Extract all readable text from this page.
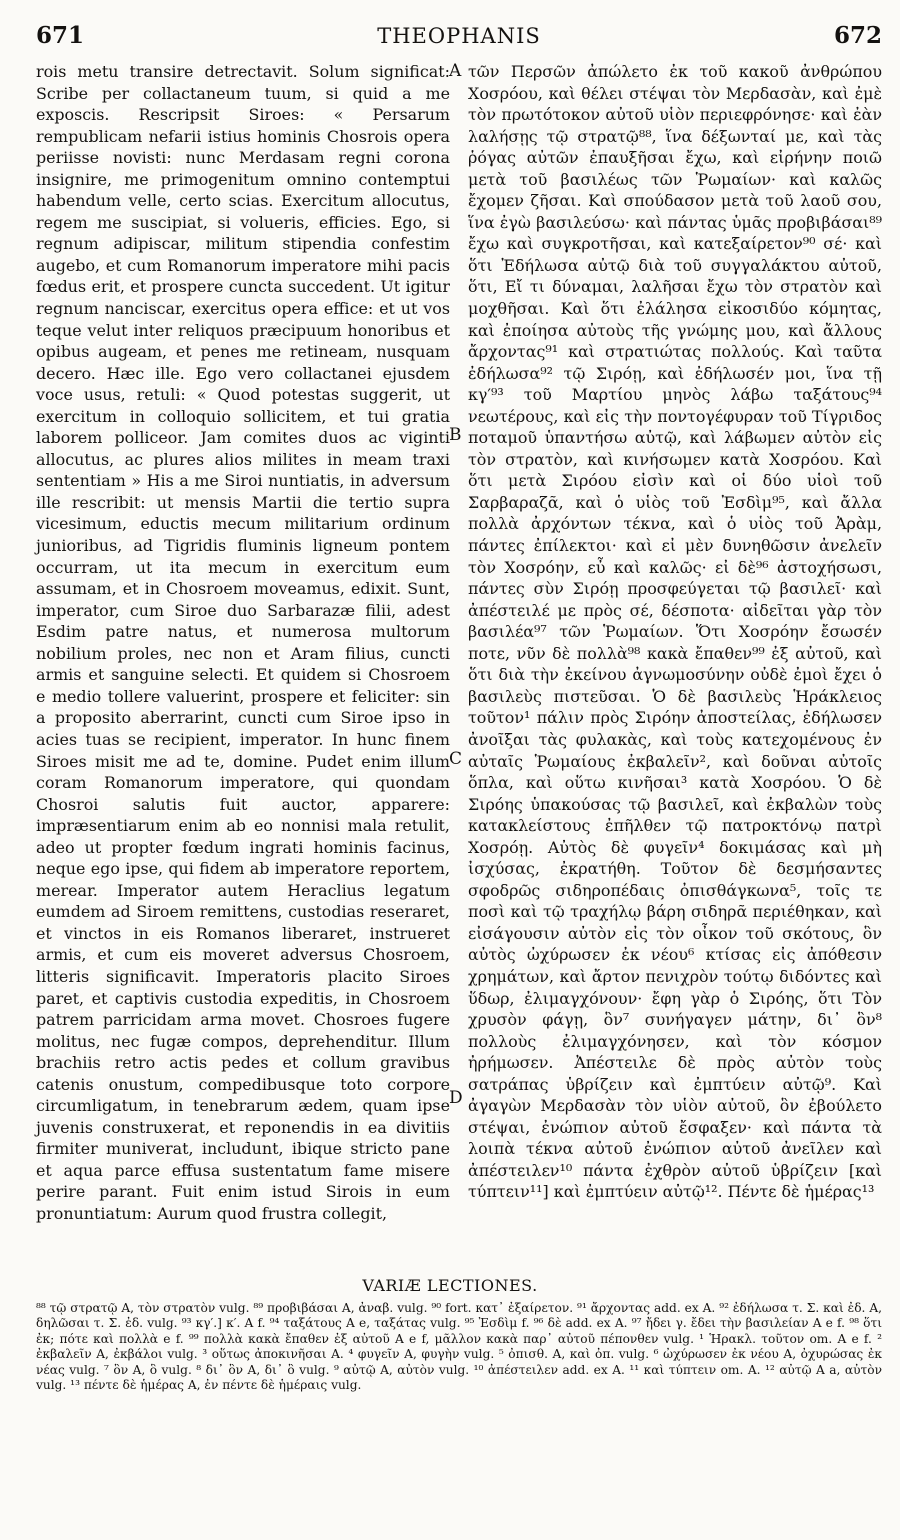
671	THEOPHANIS	672

rois metu transire detrectavit. Solum significat: Scribe per collactaneum tuum, si quid a me exposcis. Rescripsit Siroes: « Persarum rempublicam nefarii istius hominis Chosrois opera periisse novisti: nunc Merdasam regni corona insignire, me primogenitum omnino contemptui habendum velle, certo scias. Exercitum allocutus, regem me suscipiat, si volueris, efficies. Ego, si regnum adipiscar, militum stipendia confestim augebo, et cum Romanorum imperatore mihi pacis fœdus erit, et prospere cuncta succedent. Ut igitur regnum nanciscar, exercitus opera effice: et ut vos teque velut inter reliquos præcipuum honoribus et opibus augeam, et penes me retineam, nusquam decero. Hæc ille. Ego vero collactanei ejusdem voce usus, retuli: « Quod potestas suggerit, ut exercitum in colloquio sollicitem, et tui gratia laborem polliceor. Jam comites duos ac viginti allocutus, ac plures alios milites in meam traxi sententiam » His a me Siroi nuntiatis, in adversum ille rescribit: ut mensis Martii die tertio supra vicesimum, eductis mecum militarium ordinum junioribus, ad Tigridis fluminis ligneum pontem occurram, ut ita mecum in exercitum eum assumam, et in Chosroem moveamus, edixit. Sunt, imperator, cum Siroe duo Sarbarazæ filii, adest Esdim patre natus, et numerosa multorum nobilium proles, nec non et Aram filius, cuncti armis et sanguine selecti. Et quidem si Chosroem e medio tollere valuerint, prospere et feliciter: sin a proposito aberrarint, cuncti cum Siroe ipso in acies tuas se recipient, imperator. In hunc finem Siroes misit me ad te, domine. Pudet enim illum coram Romanorum imperatore, qui quondam Chosroi salutis fuit auctor, apparere: impræsentiarum enim ab eo nonnisi mala retulit, adeo ut propter fœdum ingrati hominis facinus, neque ego ipse, qui fidem ab imperatore reportem, merear. Imperator autem Heraclius legatum eumdem ad Siroem remittens, custodias reseraret, et vinctos in eis Romanos liberaret, instrueret armis, et cum eis moveret adversus Chosroem, litteris significavit. Imperatoris placito Siroes paret, et captivis custodia expeditis, in Chosroem patrem parricidam arma movet. Chosroes fugere molitus, nec fugæ compos, deprehenditur. Illum brachiis retro actis pedes et collum gravibus catenis onustum, compedibusque toto corpore circumligatum, in tenebrarum ædem, quam ipse juvenis construxerat, et reponendis in ea divitiis firmiter muniverat, includunt, ibique stricto pane et aqua parce effusa sustentatum fame misere perire parant. Fuit enim istud Sirois in eum pronuntiatum: Aurum quod frustra collegit,

A
B
C
D

τῶν Περσῶν ἀπώλετο ἐκ τοῦ κακοῦ ἀνθρώπου Χοσρόου, καὶ θέλει στέψαι τὸν Μερδασὰν, καὶ ἐμὲ τὸν πρωτότοκον αὐτοῦ υἱὸν περιεφρόνησε· καὶ ἐὰν λαλήσῃς τῷ στρατῷ⁸⁸, ἵνα δέξωνταί με, καὶ τὰς ῥόγας αὐτῶν ἐπαυξῆσαι ἔχω, καὶ εἰρήνην ποιῶ μετὰ τοῦ βασιλέως τῶν Ῥωμαίων· καὶ καλῶς ἔχομεν ζῆσαι. Καὶ σπούδασον μετὰ τοῦ λαοῦ σου, ἵνα ἐγὼ βασιλεύσω· καὶ πάντας ὑμᾶς προβιβάσαι⁸⁹ ἔχω καὶ συγκροτῆσαι, καὶ κατεξαίρετον⁹⁰ σέ· καὶ ὅτι Ἐδήλωσα αὐτῷ διὰ τοῦ συγγαλάκτου αὐτοῦ, ὅτι, Εἴ τι δύναμαι, λαλῆσαι ἔχω τὸν στρατὸν καὶ μοχθῆσαι. Καὶ ὅτι ἐλάλησα εἰκοσιδύο κόμητας, καὶ ἐποίησα αὐτοὺς τῆς γνώμης μου, καὶ ἄλλους ἄρχοντας⁹¹ καὶ στρατιώτας πολλούς. Καὶ ταῦτα ἐδήλωσα⁹² τῷ Σιρόῃ, καὶ ἐδήλωσέν μοι, ἵνα τῇ κγ′⁹³ τοῦ Μαρτίου μηνὸς λάβω ταξάτους⁹⁴ νεωτέρους, καὶ εἰς τὴν ποντογέφυραν τοῦ Τίγριδος ποταμοῦ ὑπαντήσω αὐτῷ, καὶ λάβωμεν αὐτὸν εἰς τὸν στρατὸν, καὶ κινήσωμεν κατὰ Χοσρόου. Καὶ ὅτι μετὰ Σιρόου εἰσὶν καὶ οἱ δύο υἱοὶ τοῦ Σαρβαραζᾶ, καὶ ὁ υἱὸς τοῦ Ἐσδὶμ⁹⁵, καὶ ἄλλα πολλὰ ἀρχόντων τέκνα, καὶ ὁ υἱὸς τοῦ Ἀρὰμ, πάντες ἐπίλεκτοι· καὶ εἰ μὲν δυνηθῶσιν ἀνελεῖν τὸν Χοσρόην, εὖ καὶ καλῶς· εἰ δὲ⁹⁶ ἀστοχήσωσι, πάντες σὺν Σιρόῃ προσφεύγεται τῷ βασιλεῖ· καὶ ἀπέστειλέ με πρὸς σέ, δέσποτα· αἰδεῖται γὰρ τὸν βασιλέα⁹⁷ τῶν Ῥωμαίων. Ὅτι Χοσρόην ἔσωσέν ποτε, νῦν δὲ πολλὰ⁹⁸ κακὰ ἔπαθεν⁹⁹ ἐξ αὐτοῦ, καὶ ὅτι διὰ τὴν ἐκείνου ἀγνωμοσύνην οὐδὲ ἐμοὶ ἔχει ὁ βασιλεὺς πιστεῦσαι. Ὁ δὲ βασιλεὺς Ἡράκλειος τοῦτον¹ πάλιν πρὸς Σιρόην ἀποστείλας, ἐδήλωσεν ἀνοῖξαι τὰς φυλακὰς, καὶ τοὺς κατεχομένους ἐν αὐταῖς Ῥωμαίους ἐκβαλεῖν², καὶ δοῦναι αὐτοῖς ὅπλα, καὶ οὕτω κινῆσαι³ κατὰ Χοσρόου. Ὁ δὲ Σιρόης ὑπακούσας τῷ βασιλεῖ, καὶ ἐκβαλὼν τοὺς κατακλείστους ἐπῆλθεν τῷ πατροκτόνῳ πατρὶ Χοσρόῃ. Αὐτὸς δὲ φυγεῖν⁴ δοκιμάσας καὶ μὴ ἰσχύσας, ἐκρατήθη. Τοῦτον δὲ δεσμήσαντες σφοδρῶς σιδηροπέδαις ὀπισθάγκωνα⁵, τοῖς τε ποσὶ καὶ τῷ τραχήλῳ βάρη σιδηρᾶ περιέθηκαν, καὶ εἰσάγουσιν αὐτὸν εἰς τὸν οἶκον τοῦ σκότους, ὃν αὐτὸς ὠχύρωσεν ἐκ νέου⁶ κτίσας εἰς ἀπόθεσιν χρημάτων, καὶ ἄρτον πενιχρὸν τούτῳ διδόντες καὶ ὕδωρ, ἐλιμαγχόνουν· ἔφη γὰρ ὁ Σιρόης, ὅτι Τὸν χρυσὸν φάγῃ, ὃν⁷ συνήγαγεν μάτην, δι᾽ ὃν⁸ πολλοὺς ἐλιμαγχόνησεν, καὶ τὸν κόσμον ἠρήμωσεν. Ἀπέστειλε δὲ πρὸς αὐτὸν τοὺς σατράπας ὑβρίζειν καὶ ἐμπτύειν αὐτῷ⁹. Καὶ ἀγαγὼν Μερδασὰν τὸν υἱὸν αὐτοῦ, ὃν ἐβούλετο στέψαι, ἐνώπιον αὐτοῦ ἔσφαξεν· καὶ πάντα τὰ λοιπὰ τέκνα αὐτοῦ ἐνώπιον αὐτοῦ ἀνεῖλεν καὶ ἀπέστειλεν¹⁰ πάντα ἐχθρὸν αὐτοῦ ὑβρίζειν [καὶ τύπτειν¹¹] καὶ ἐμπτύειν αὐτῷ¹². Πέντε δὲ ἡμέρας¹³

VARIÆ LECTIONES.
⁸⁸ τῷ στρατῷ A, τὸν στρατὸν vulg. ⁸⁹ προβιβάσαι A, ἀναβ. vulg. ⁹⁰ fort. κατ᾽ ἐξαίρετον. ⁹¹ ἄρχοντας add. ex A. ⁹² ἐδήλωσα τ. Σ. καὶ ἐδ. A, δηλῶσαι τ. Σ. ἐδ. vulg. ⁹³ κγ′.] κ′. A f. ⁹⁴ ταξάτους A e, ταξάτας vulg. ⁹⁵ Ἐσδὶμ f. ⁹⁶ δὲ add. ex A. ⁹⁷ ἤδει γ. ἔδει τὴν βασιλείαν A e f. ⁹⁸ ὅτι ἐκ; πότε καὶ πολλὰ e f. ⁹⁹ πολλὰ κακὰ ἔπαθεν ἐξ αὐτοῦ A e f, μᾶλλον κακὰ παρ᾽ αὐτοῦ πέπονθεν vulg. ¹ Ἡρακλ. τοῦτον om. A e f. ² ἐκβαλεῖν A, ἐκβάλοι vulg. ³ οὕτως ἀποκινῆσαι A. ⁴ φυγεῖν A, φυγὴν vulg. ⁵ ὀπισθ. A, καὶ ὀπ. vulg. ⁶ ὠχύρωσεν ἐκ νέου A, ὀχυρώσας ἐκ νέας vulg. ⁷ ὃν A, ὃ vulg. ⁸ δι᾽ ὃν A, δι᾽ ὃ vulg. ⁹ αὐτῷ A, αὐτὸν vulg. ¹⁰ ἀπέστειλεν add. ex A. ¹¹ καὶ τύπτειν om. A. ¹² αὐτῷ A a, αὐτὸν vulg. ¹³ πέντε δὲ ἡμέρας A, ἐν πέντε δὲ ἡμέραις vulg.
